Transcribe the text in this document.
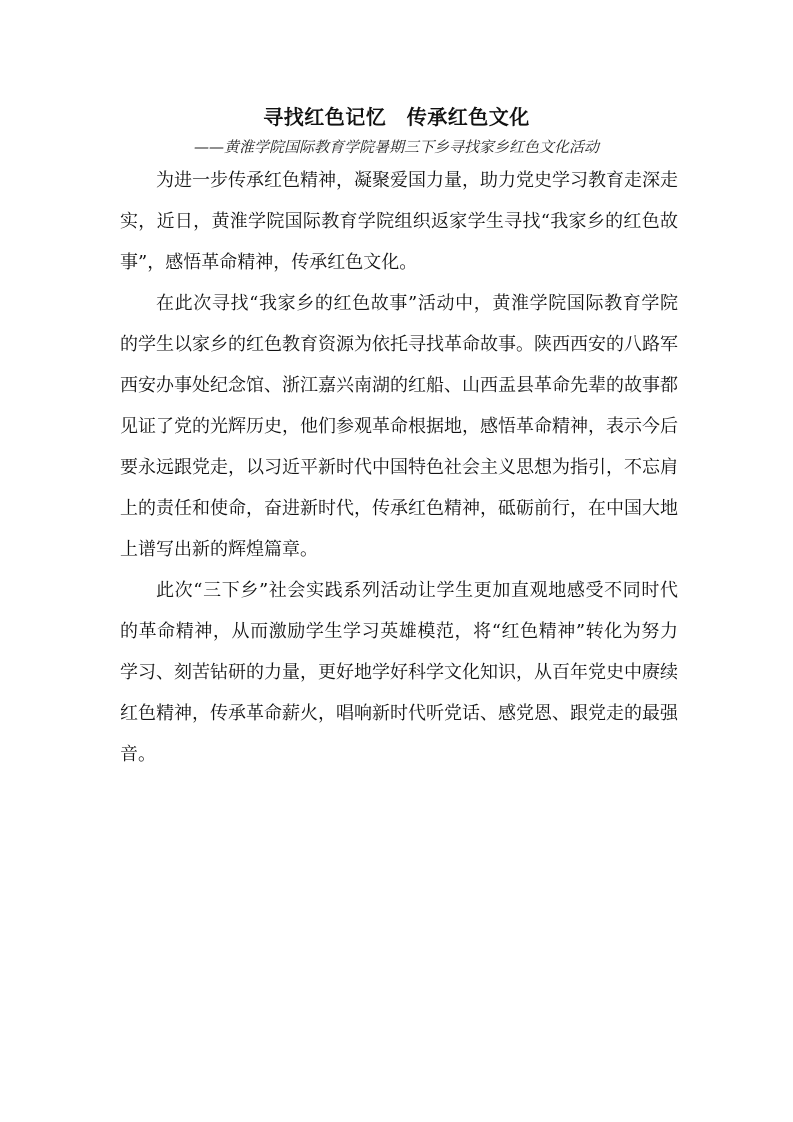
寻找红色记忆　传承红色文化

——黄淮学院国际教育学院暑期三下乡寻找家乡红色文化活动

为进一步传承红色精神，凝聚爱国力量，助力党史学习教育走深走实，近日，黄淮学院国际教育学院组织返家学生寻找“我家乡的红色故事”，感悟革命精神，传承红色文化。

在此次寻找“我家乡的红色故事”活动中，黄淮学院国际教育学院的学生以家乡的红色教育资源为依托寻找革命故事。陕西西安的八路军西安办事处纪念馆、浙江嘉兴南湖的红船、山西盂县革命先辈的故事都见证了党的光辉历史，他们参观革命根据地，感悟革命精神，表示今后要永远跟党走，以习近平新时代中国特色社会主义思想为指引，不忘肩上的责任和使命，奋进新时代，传承红色精神，砥砺前行，在中国大地上谱写出新的辉煌篇章。

此次“三下乡”社会实践系列活动让学生更加直观地感受不同时代的革命精神，从而激励学生学习英雄模范，将“红色精神”转化为努力学习、刻苦钻研的力量，更好地学好科学文化知识，从百年党史中赓续红色精神，传承革命薪火，唱响新时代听党话、感党恩、跟党走的最强音。
